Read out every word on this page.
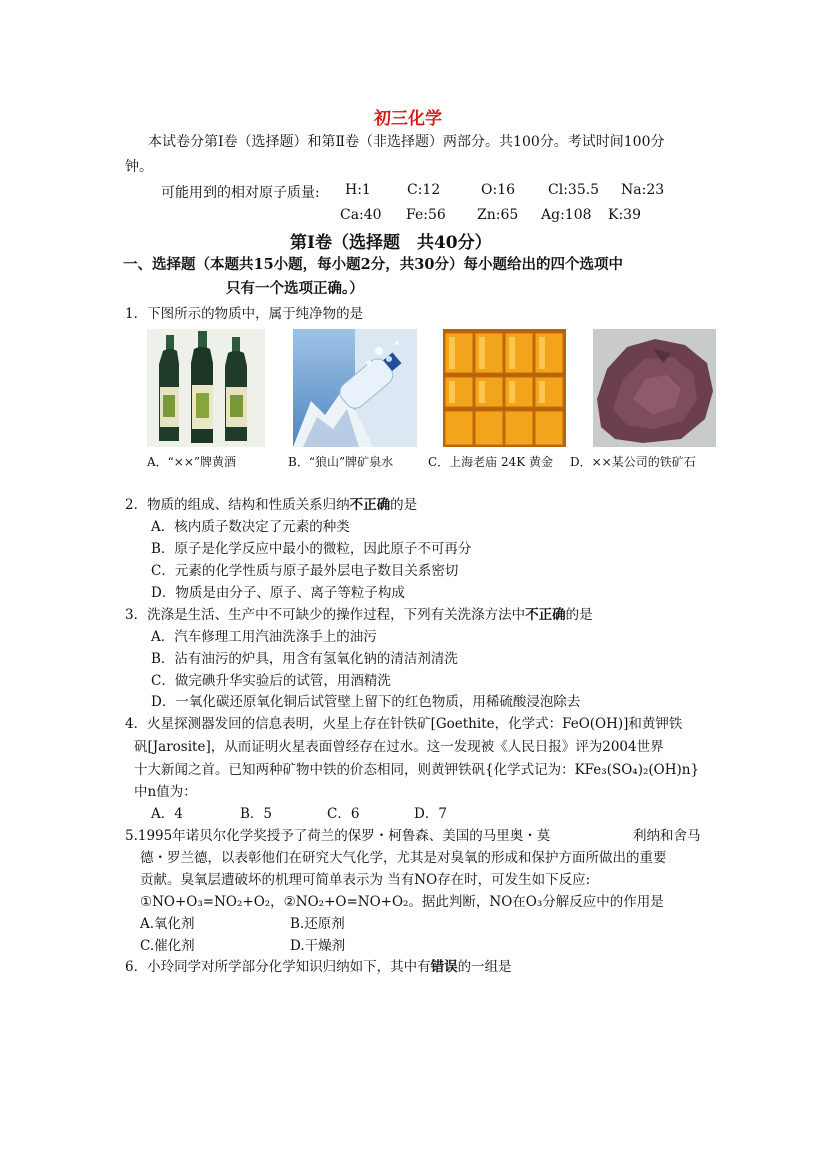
初三化学
本试卷分第Ⅰ卷（选择题）和第Ⅱ卷（非选择题）两部分。共100分。考试时间100分
钟。
可能用到的相对原子质量: H:1	C:12	O:16 Cl:35.5 Na:23
Ca:40 Fe:56 Zn:65 Ag:108 K:39
第Ⅰ卷（选择题　共40分）
一、选择题（本题共15小题，每小题2分，共30分）每小题给出的四个选项中
只有一个选项正确。）
1．下图所示的物质中，属于纯净物的是
A．“××”牌黄酒	B．“狼山”牌矿泉水	C．上海老庙 24K 黄金 D．××某公司的铁矿石
2．物质的组成、结构和性质关系归纳不正确的是
A．核内质子数决定了元素的种类
B．原子是化学反应中最小的微粒，因此原子不可再分
C．元素的化学性质与原子最外层电子数目关系密切
D．物质是由分子、原子、离子等粒子构成
3．洗涤是生活、生产中不可缺少的操作过程，下列有关洗涤方法中不正确的是
A．汽车修理工用汽油洗涤手上的油污
B．沾有油污的炉具，用含有氢氧化钠的清洁剂清洗
C．做完碘升华实验后的试管，用酒精洗
D．一氧化碳还原氧化铜后试管壁上留下的红色物质，用稀硫酸浸泡除去
4．火星探测器发回的信息表明，火星上存在针铁矿[Goethite，化学式：FeO(OH)]和黄钾铁
矾[Jarosite]，从而证明火星表面曾经存在过水。这一发现被《人民日报》评为2004世界
十大新闻之首。已知两种矿物中铁的价态相同，则黄钾铁矾{化学式记为：KFe₃(SO₄)₂(OH)n}
中n值为：
A．4	B．5	C．6	D．7
5.1995年诺贝尔化学奖授予了荷兰的保罗・柯鲁森、美国的马里奥・莫	利纳和舍马
德・罗兰德，以表彰他们在研究大气化学，尤其是对臭氧的形成和保护方面所做出的重要
贡献。臭氧层遭破坏的机理可简单表示为 当有NO存在时，可发生如下反应:
①NO+O₃=NO₂+O₂，②NO₂+O=NO+O₂。据此判断，NO在O₃分解反应中的作用是
A.氧化剂	B.还原剂
C.催化剂	D.干燥剂
6．小玲同学对所学部分化学知识归纳如下，其中有错误的一组是
